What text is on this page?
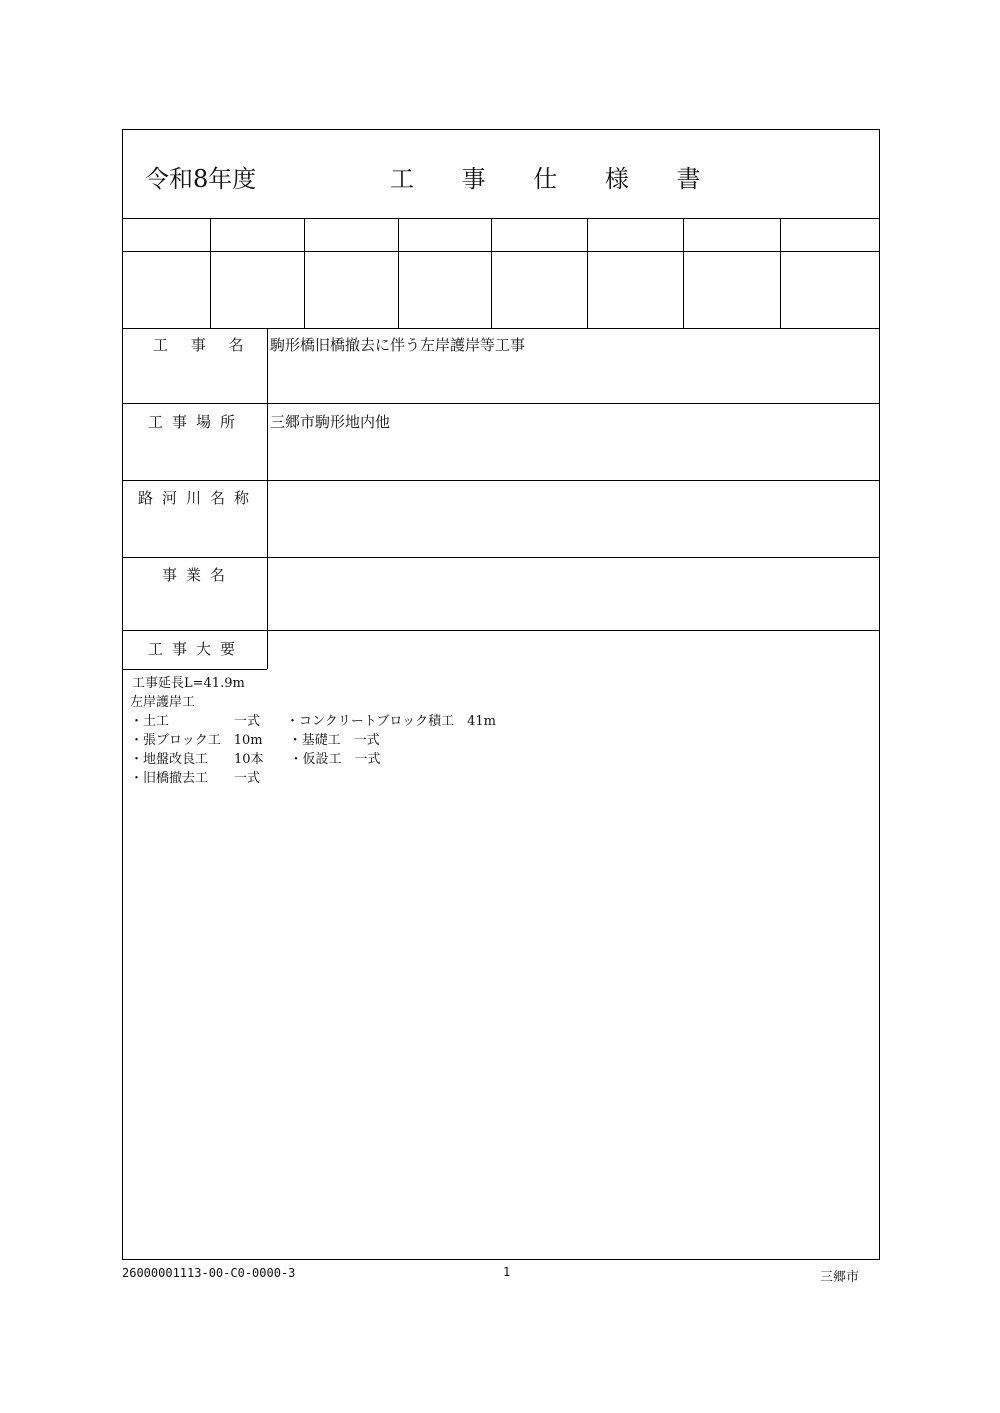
令和8年度	工 事 仕 様 書
工 事 名 駒形橋旧橋撤去に伴う左岸護岸等工事
工事場所 三郷市駒形地内他
路河川名称
事業名
工事大要
工事延長L=41.9m
左岸護岸工
・土工　　　　　一式　　・コンクリートブロック積工　41m
・張ブロック工　10m　　・基礎工　一式
・地盤改良工　　10本　　・仮設工　一式
・旧橋撤去工　　一式
26000001113-00-C0-0000-3	1	三郷市
